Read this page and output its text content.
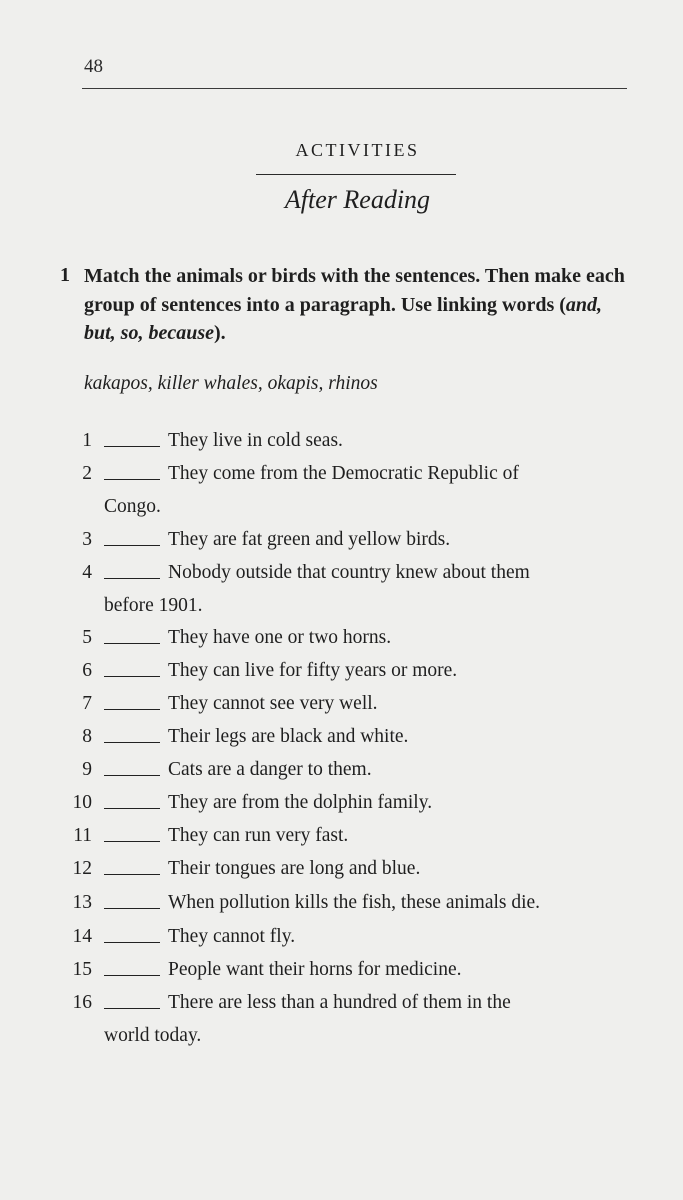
48
ACTIVITIES
After Reading
1 Match the animals or birds with the sentences. Then make each group of sentences into a paragraph. Use linking words (and, but, so, because).
kakapos, killer whales, okapis, rhinos
1	They live in cold seas.
2	They come from the Democratic Republic of
Congo.
3	They are fat green and yellow birds.
4	Nobody outside that country knew about them
before 1901.
5	They have one or two horns.
6	They can live for fifty years or more.
7	They cannot see very well.
8	Their legs are black and white.
9	Cats are a danger to them.
10	They are from the dolphin family.
11	They can run very fast.
12	Their tongues are long and blue.
13	When pollution kills the fish, these animals die.
14	They cannot fly.
15	People want their horns for medicine.
16	There are less than a hundred of them in the
world today.
